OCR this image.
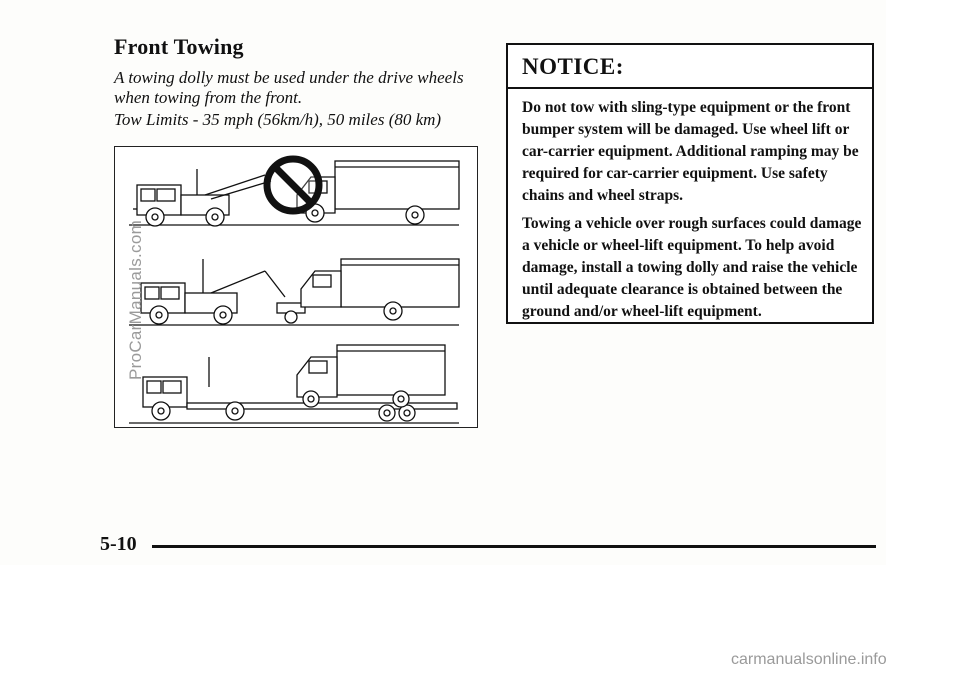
Front Towing
A towing dolly must be used under the drive wheels when towing from the front.
Tow Limits - 35 mph (56km/h), 50 miles (80 km)
NOTICE:

Do not tow with sling-type equipment or the front bumper system will be damaged. Use wheel lift or car-carrier equipment. Additional ramping may be required for car-carrier equipment. Use safety chains and wheel straps.

Towing a vehicle over rough surfaces could damage a vehicle or wheel-lift equipment. To help avoid damage, install a towing dolly and raise the vehicle until adequate clearance is obtained between the ground and/or wheel-lift equipment.

5-10
ProCarManuals.com
carmanualsonline.info
